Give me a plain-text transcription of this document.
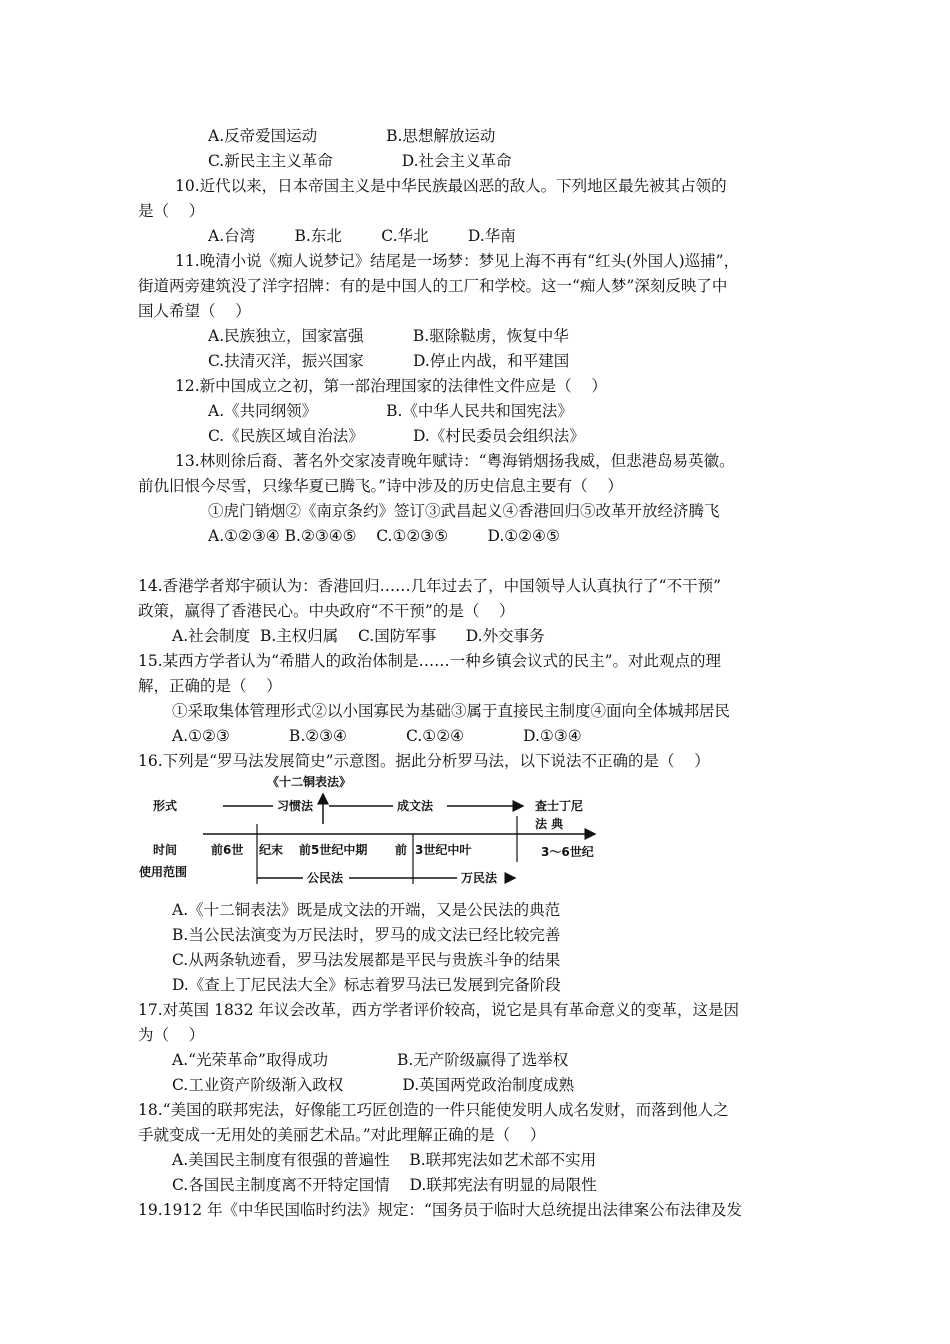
A.反帝爱国运动              B.思想解放运动
C.新民主主义革命              D.社会主义革命
10.近代以来，日本帝国主义是中华民族最凶恶的敌人。下列地区最先被其占领的
是（    ）
A.台湾        B.东北        C.华北        D.华南
11.晚清小说《痴人说梦记》结尾是一场梦：梦见上海不再有“红头(外国人)巡捕”，
街道两旁建筑没了洋字招牌：有的是中国人的工厂和学校。这一“痴人梦”深刻反映了中
国人希望（    ）
A.民族独立，国家富强          B.驱除鞑虏，恢复中华
C.扶清灭洋，振兴国家          D.停止内战，和平建国
12.新中国成立之初，第一部治理国家的法律性文件应是（    ）
A.《共同纲领》              B.《中华人民共和国宪法》
C.《民族区域自治法》          D.《村民委员会组织法》
13.林则徐后裔、著名外交家凌青晚年赋诗：“粤海销烟扬我威，但悲港岛易英徽。
前仇旧恨今尽雪，只缘华夏已腾飞。”诗中涉及的历史信息主要有（    ）
①虎门销烟②《南京条约》签订③武昌起义④香港回归⑤改革开放经济腾飞
A.①②③④ B.②③④⑤    C.①②③⑤        D.①②④⑤
14.香港学者郑宇硕认为：香港回归……几年过去了，中国领导人认真执行了“不干预”
政策，赢得了香港民心。中央政府“不干预”的是（    ）
A.社会制度  B.主权归属    C.国防军事      D.外交事务
15.某西方学者认为“希腊人的政治体制是……一种乡镇会议式的民主”。对此观点的理
解，正确的是（    ）
①采取集体管理形式②以小国寡民为基础③属于直接民主制度④面向全体城邦居民
A.①②③            B.②③④            C.①②④            D.①③④
16.下列是“罗马法发展简史”示意图。据此分析罗马法，以下说法不正确的是（    ）
A.《十二铜表法》既是成文法的开端，又是公民法的典范
B.当公民法演变为万民法时，罗马的成文法已经比较完善
C.从两条轨迹看，罗马法发展都是平民与贵族斗争的结果
D.《查上丁尼民法大全》标志着罗马法已发展到完备阶段
17.对英国 1832 年议会改革，西方学者评价较高，说它是具有革命意义的变革，这是因
为（    ）
A.“光荣革命”取得成功              B.无产阶级赢得了选举权
C.工业资产阶级渐入政权            D.英国两党政治制度成熟
18.“美国的联邦宪法，好像能工巧匠创造的一件只能使发明人成名发财，而落到他人之
手就变成一无用处的美丽艺术品。”对此理解正确的是（    ）
A.美国民主制度有很强的普遍性    B.联邦宪法如艺术部不实用
C.各国民主制度离不开特定国情    D.联邦宪法有明显的局限性
19.1912 年《中华民国临时约法》规定：“国务员于临时大总统提出法律案公布法律及发
形式
时间
使用范围
《十二铜表法》
习惯法	成文法	查士丁尼
法 典
前6世 纪末 前5世纪中期 前 3世纪中叶	3～6世纪
公民法	万民法
